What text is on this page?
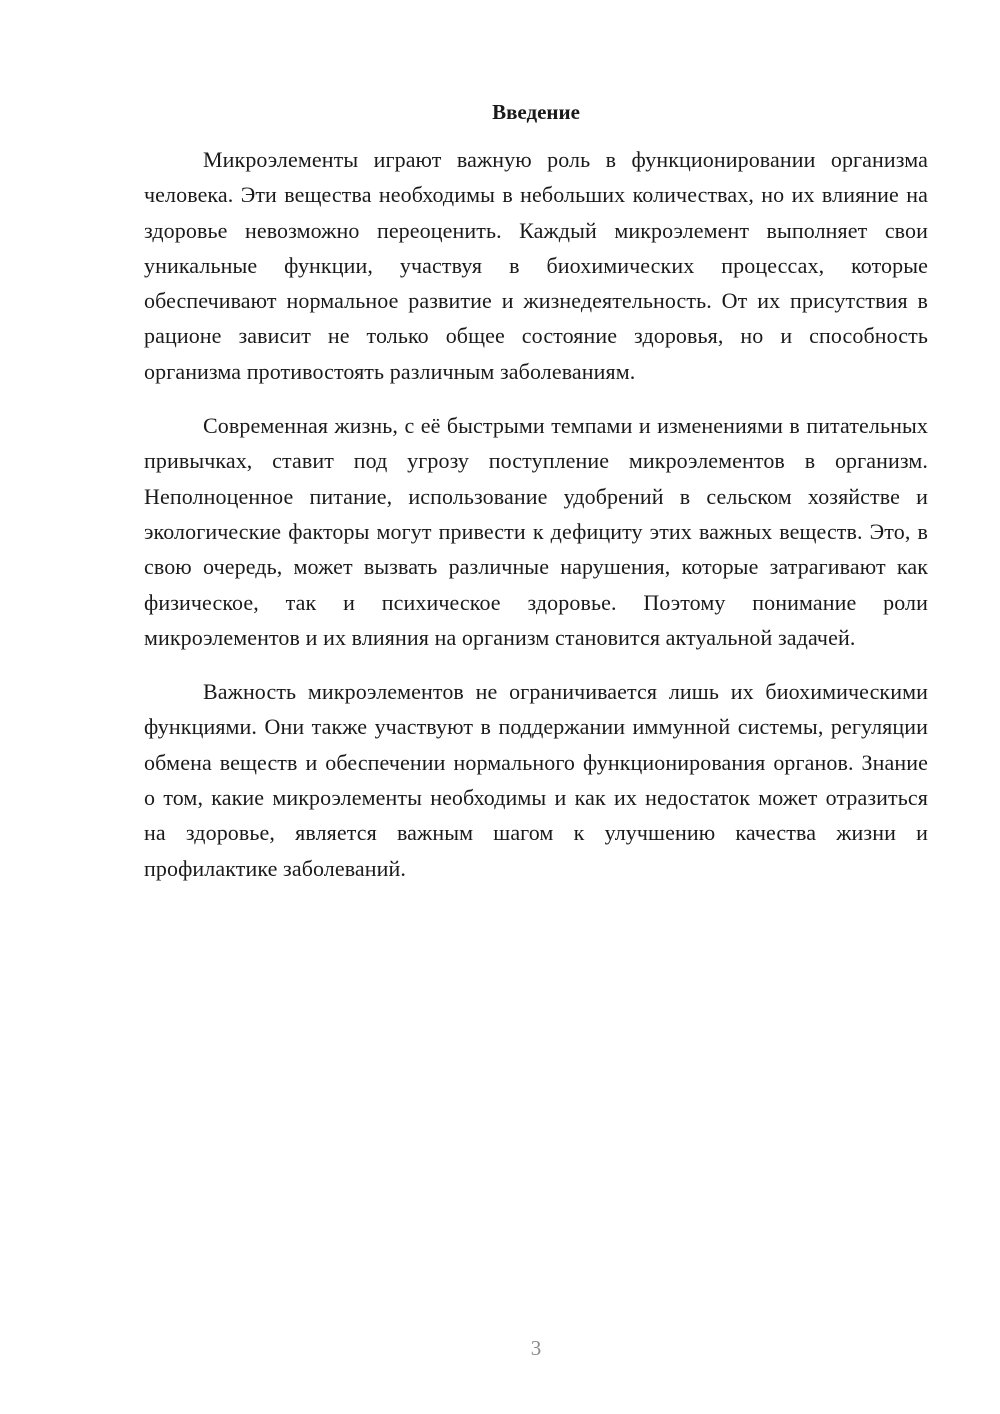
Введение

Микроэлементы играют важную роль в функционировании организма человека. Эти вещества необходимы в небольших количествах, но их влияние на здоровье невозможно переоценить. Каждый микроэлемент выполняет свои уникальные функции, участвуя в биохимических процессах, которые обеспечивают нормальное развитие и жизнедеятельность. От их присутствия в рационе зависит не только общее состояние здоровья, но и способность организма противостоять различным заболеваниям.

Современная жизнь, с её быстрыми темпами и изменениями в питательных привычках, ставит под угрозу поступление микроэлементов в организм. Неполноценное питание, использование удобрений в сельском хозяйстве и экологические факторы могут привести к дефициту этих важных веществ. Это, в свою очередь, может вызвать различные нарушения, которые затрагивают как физическое, так и психическое здоровье. Поэтому понимание роли микроэлементов и их влияния на организм становится актуальной задачей.

Важность микроэлементов не ограничивается лишь их биохимическими функциями. Они также участвуют в поддержании иммунной системы, регуляции обмена веществ и обеспечении нормального функционирования органов. Знание о том, какие микроэлементы необходимы и как их недостаток может отразиться на здоровье, является важным шагом к улучшению качества жизни и профилактике заболеваний.

3
